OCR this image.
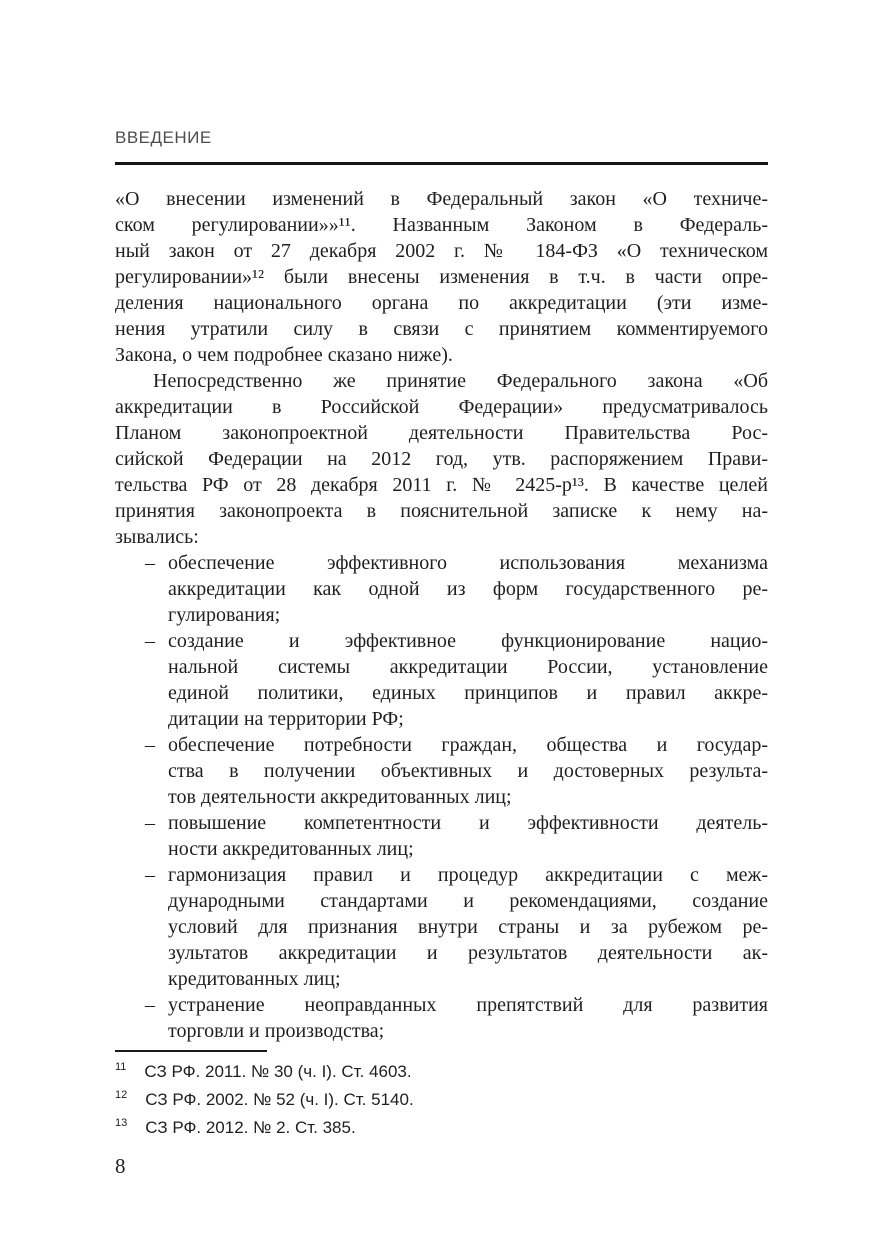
ВВЕДЕНИЕ
«О внесении изменений в Федеральный закон «О техниче-
ском регулировании»»¹¹. Названным Законом в Федераль-
ный закон от 27 декабря 2002 г. № 184-ФЗ «О техническом
регулировании»¹² были внесены изменения в т.ч. в части опре-
деления национального органа по аккредитации (эти изме-
нения утратили силу в связи с принятием комментируемого
Закона, о чем подробнее сказано ниже).
Непосредственно же принятие Федерального закона «Об
аккредитации в Российской Федерации» предусматривалось
Планом законопроектной деятельности Правительства Рос-
сийской Федерации на 2012 год, утв. распоряжением Прави-
тельства РФ от 28 декабря 2011 г. № 2425-р¹³. В качестве целей
принятия законопроекта в пояснительной записке к нему на-
зывались:
– обеспечение эффективного использования механизма
аккредитации как одной из форм государственного ре-
гулирования;
– создание и эффективное функционирование нацио-
нальной системы аккредитации России, установление
единой политики, единых принципов и правил аккре-
дитации на территории РФ;
– обеспечение потребности граждан, общества и государ-
ства в получении объективных и достоверных результа-
тов деятельности аккредитованных лиц;
– повышение компетентности и эффективности деятель-
ности аккредитованных лиц;
– гармонизация правил и процедур аккредитации с меж-
дународными стандартами и рекомендациями, создание
условий для признания внутри страны и за рубежом ре-
зультатов аккредитации и результатов деятельности ак-
кредитованных лиц;
– устранение неоправданных препятствий для развития
торговли и производства;
$^{11}$ СЗ РФ. 2011. № 30 (ч. I). Ст. 4603.
$^{12}$ СЗ РФ. 2002. № 52 (ч. I). Ст. 5140.
$^{13}$ СЗ РФ. 2012. № 2. Ст. 385.
8
